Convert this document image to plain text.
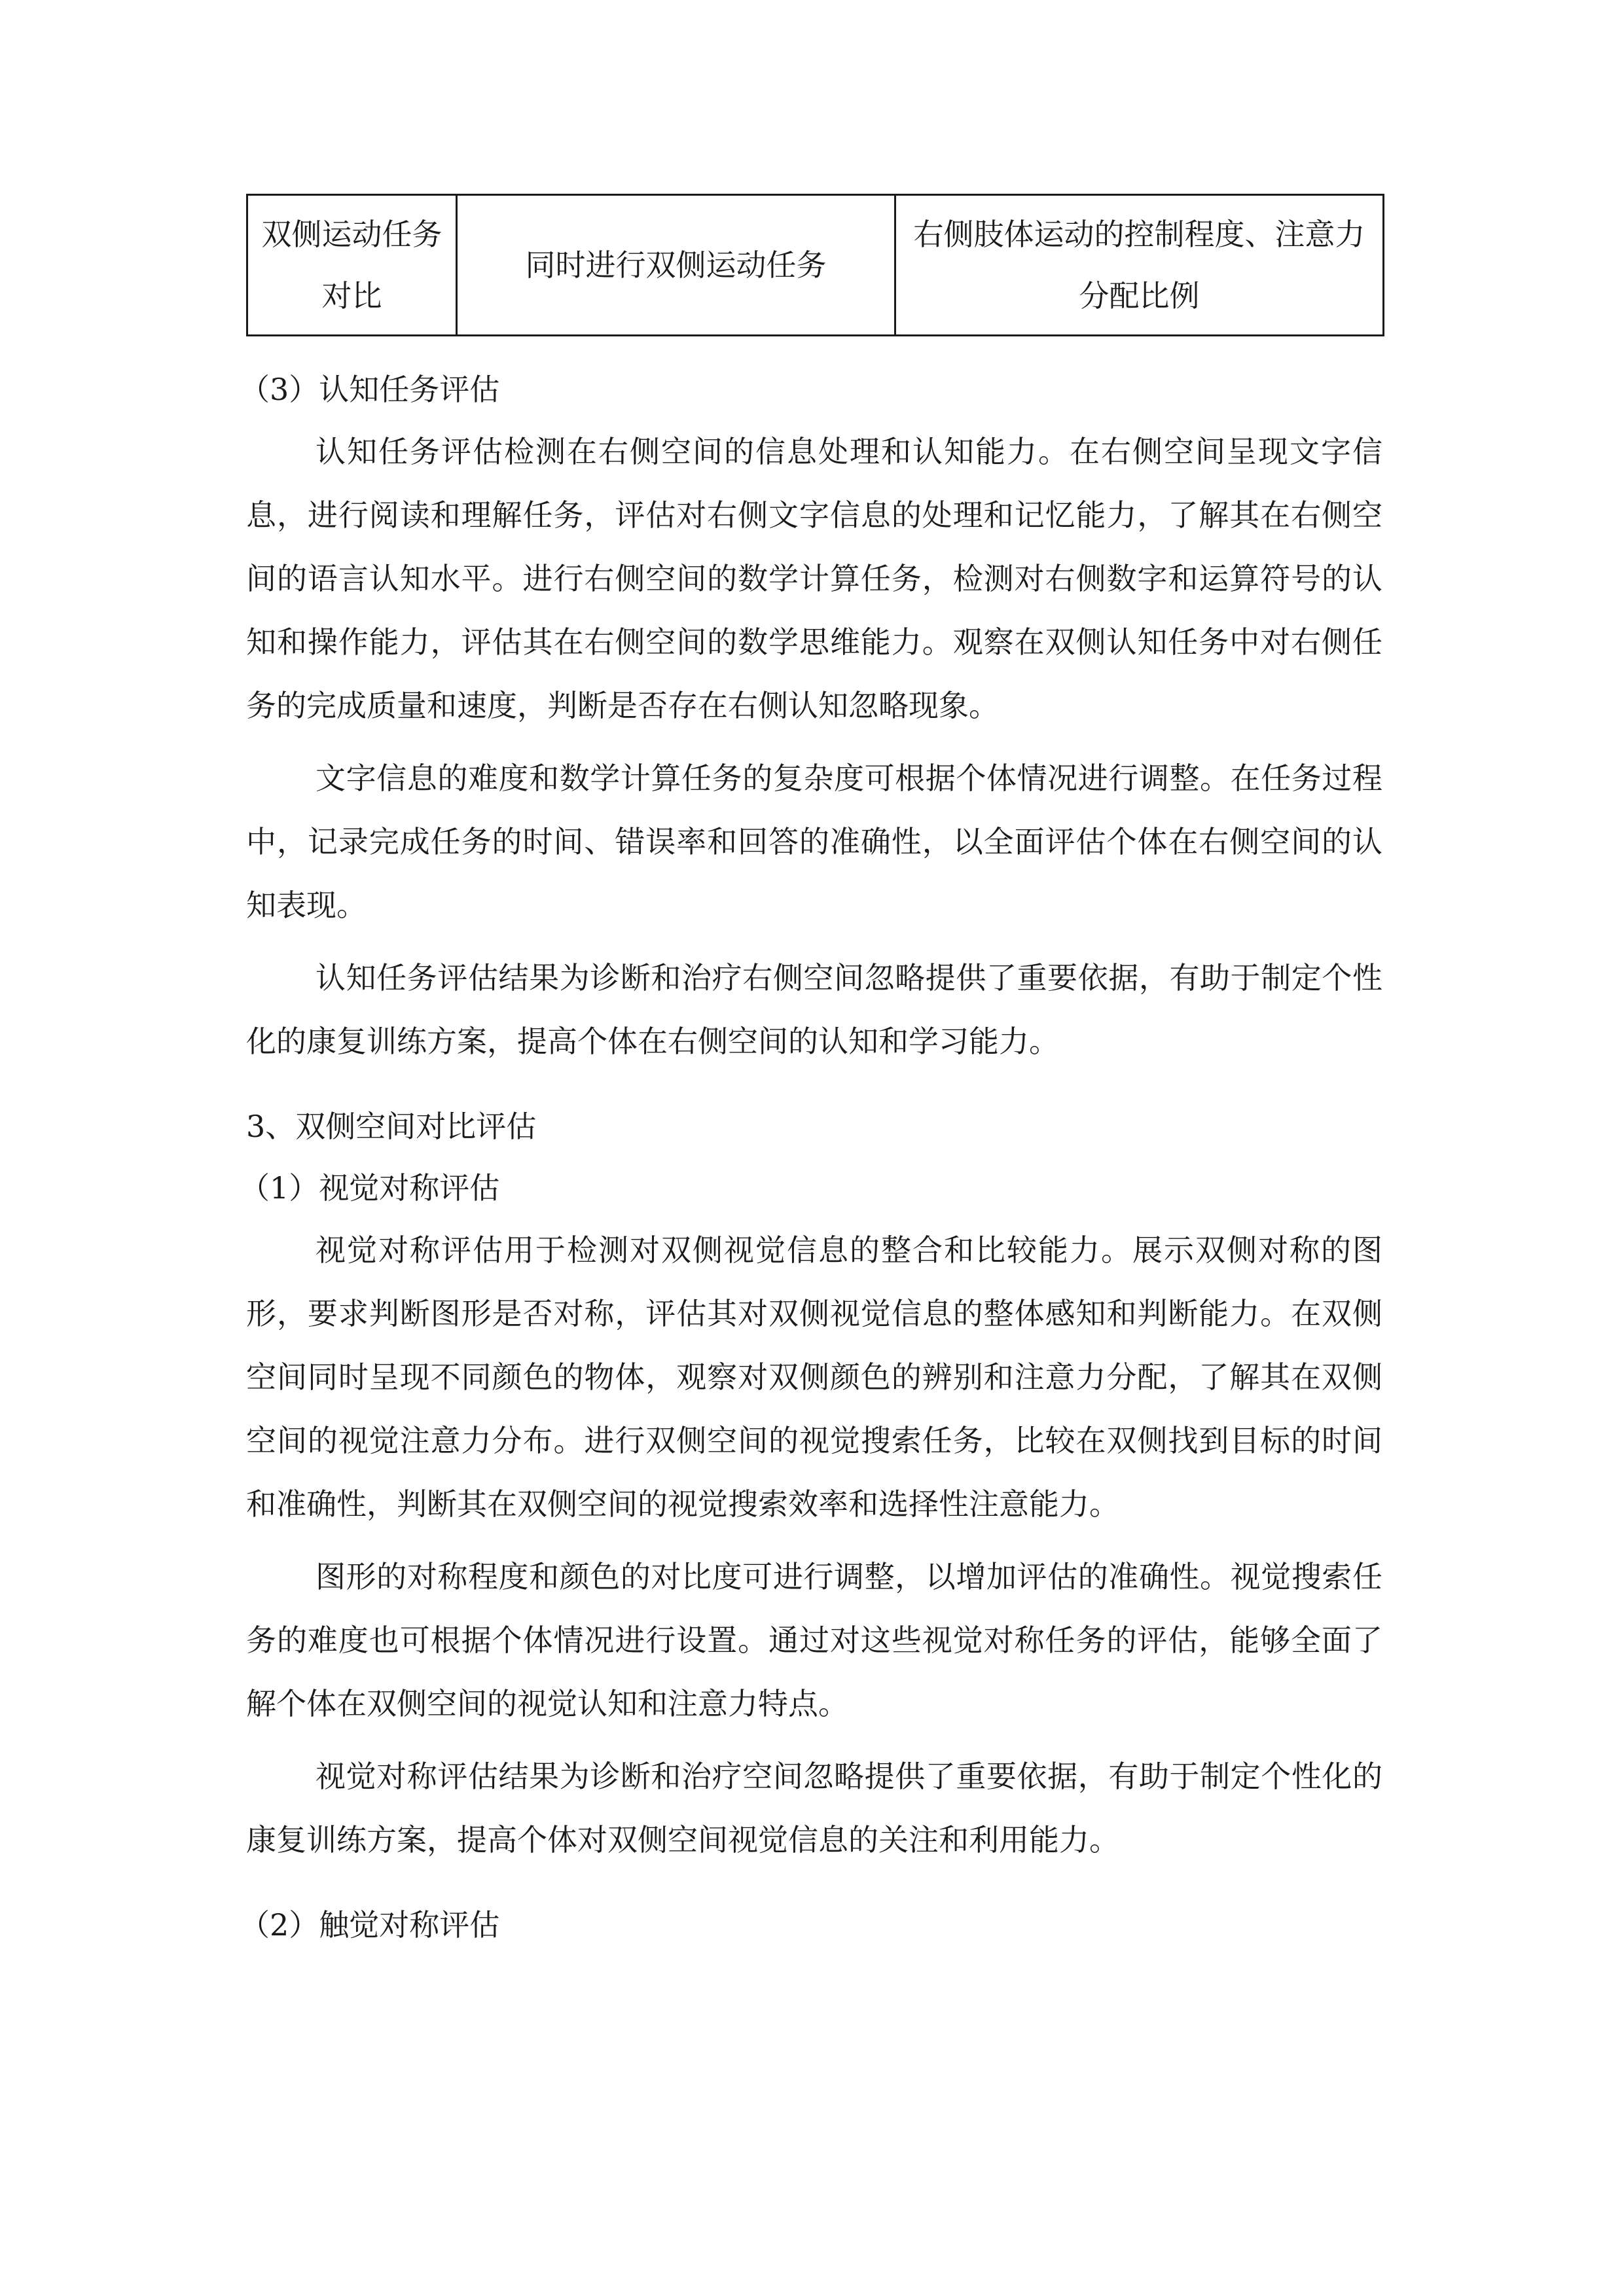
双侧运动任务对比	同时进行双侧运动任务	右侧肢体运动的控制程度、注意力分配比例

（3）认知任务评估

认知任务评估检测在右侧空间的信息处理和认知能力。在右侧空间呈现文字信息，进行阅读和理解任务，评估对右侧文字信息的处理和记忆能力，了解其在右侧空间的语言认知水平。进行右侧空间的数学计算任务，检测对右侧数字和运算符号的认知和操作能力，评估其在右侧空间的数学思维能力。观察在双侧认知任务中对右侧任务的完成质量和速度，判断是否存在右侧认知忽略现象。

文字信息的难度和数学计算任务的复杂度可根据个体情况进行调整。在任务过程中，记录完成任务的时间、错误率和回答的准确性，以全面评估个体在右侧空间的认知表现。

认知任务评估结果为诊断和治疗右侧空间忽略提供了重要依据，有助于制定个性化的康复训练方案，提高个体在右侧空间的认知和学习能力。

3、双侧空间对比评估

（1）视觉对称评估

视觉对称评估用于检测对双侧视觉信息的整合和比较能力。展示双侧对称的图形，要求判断图形是否对称，评估其对双侧视觉信息的整体感知和判断能力。在双侧空间同时呈现不同颜色的物体，观察对双侧颜色的辨别和注意力分配，了解其在双侧空间的视觉注意力分布。进行双侧空间的视觉搜索任务，比较在双侧找到目标的时间和准确性，判断其在双侧空间的视觉搜索效率和选择性注意能力。

图形的对称程度和颜色的对比度可进行调整，以增加评估的准确性。视觉搜索任务的难度也可根据个体情况进行设置。通过对这些视觉对称任务的评估，能够全面了解个体在双侧空间的视觉认知和注意力特点。

视觉对称评估结果为诊断和治疗空间忽略提供了重要依据，有助于制定个性化的康复训练方案，提高个体对双侧空间视觉信息的关注和利用能力。

（2）触觉对称评估
